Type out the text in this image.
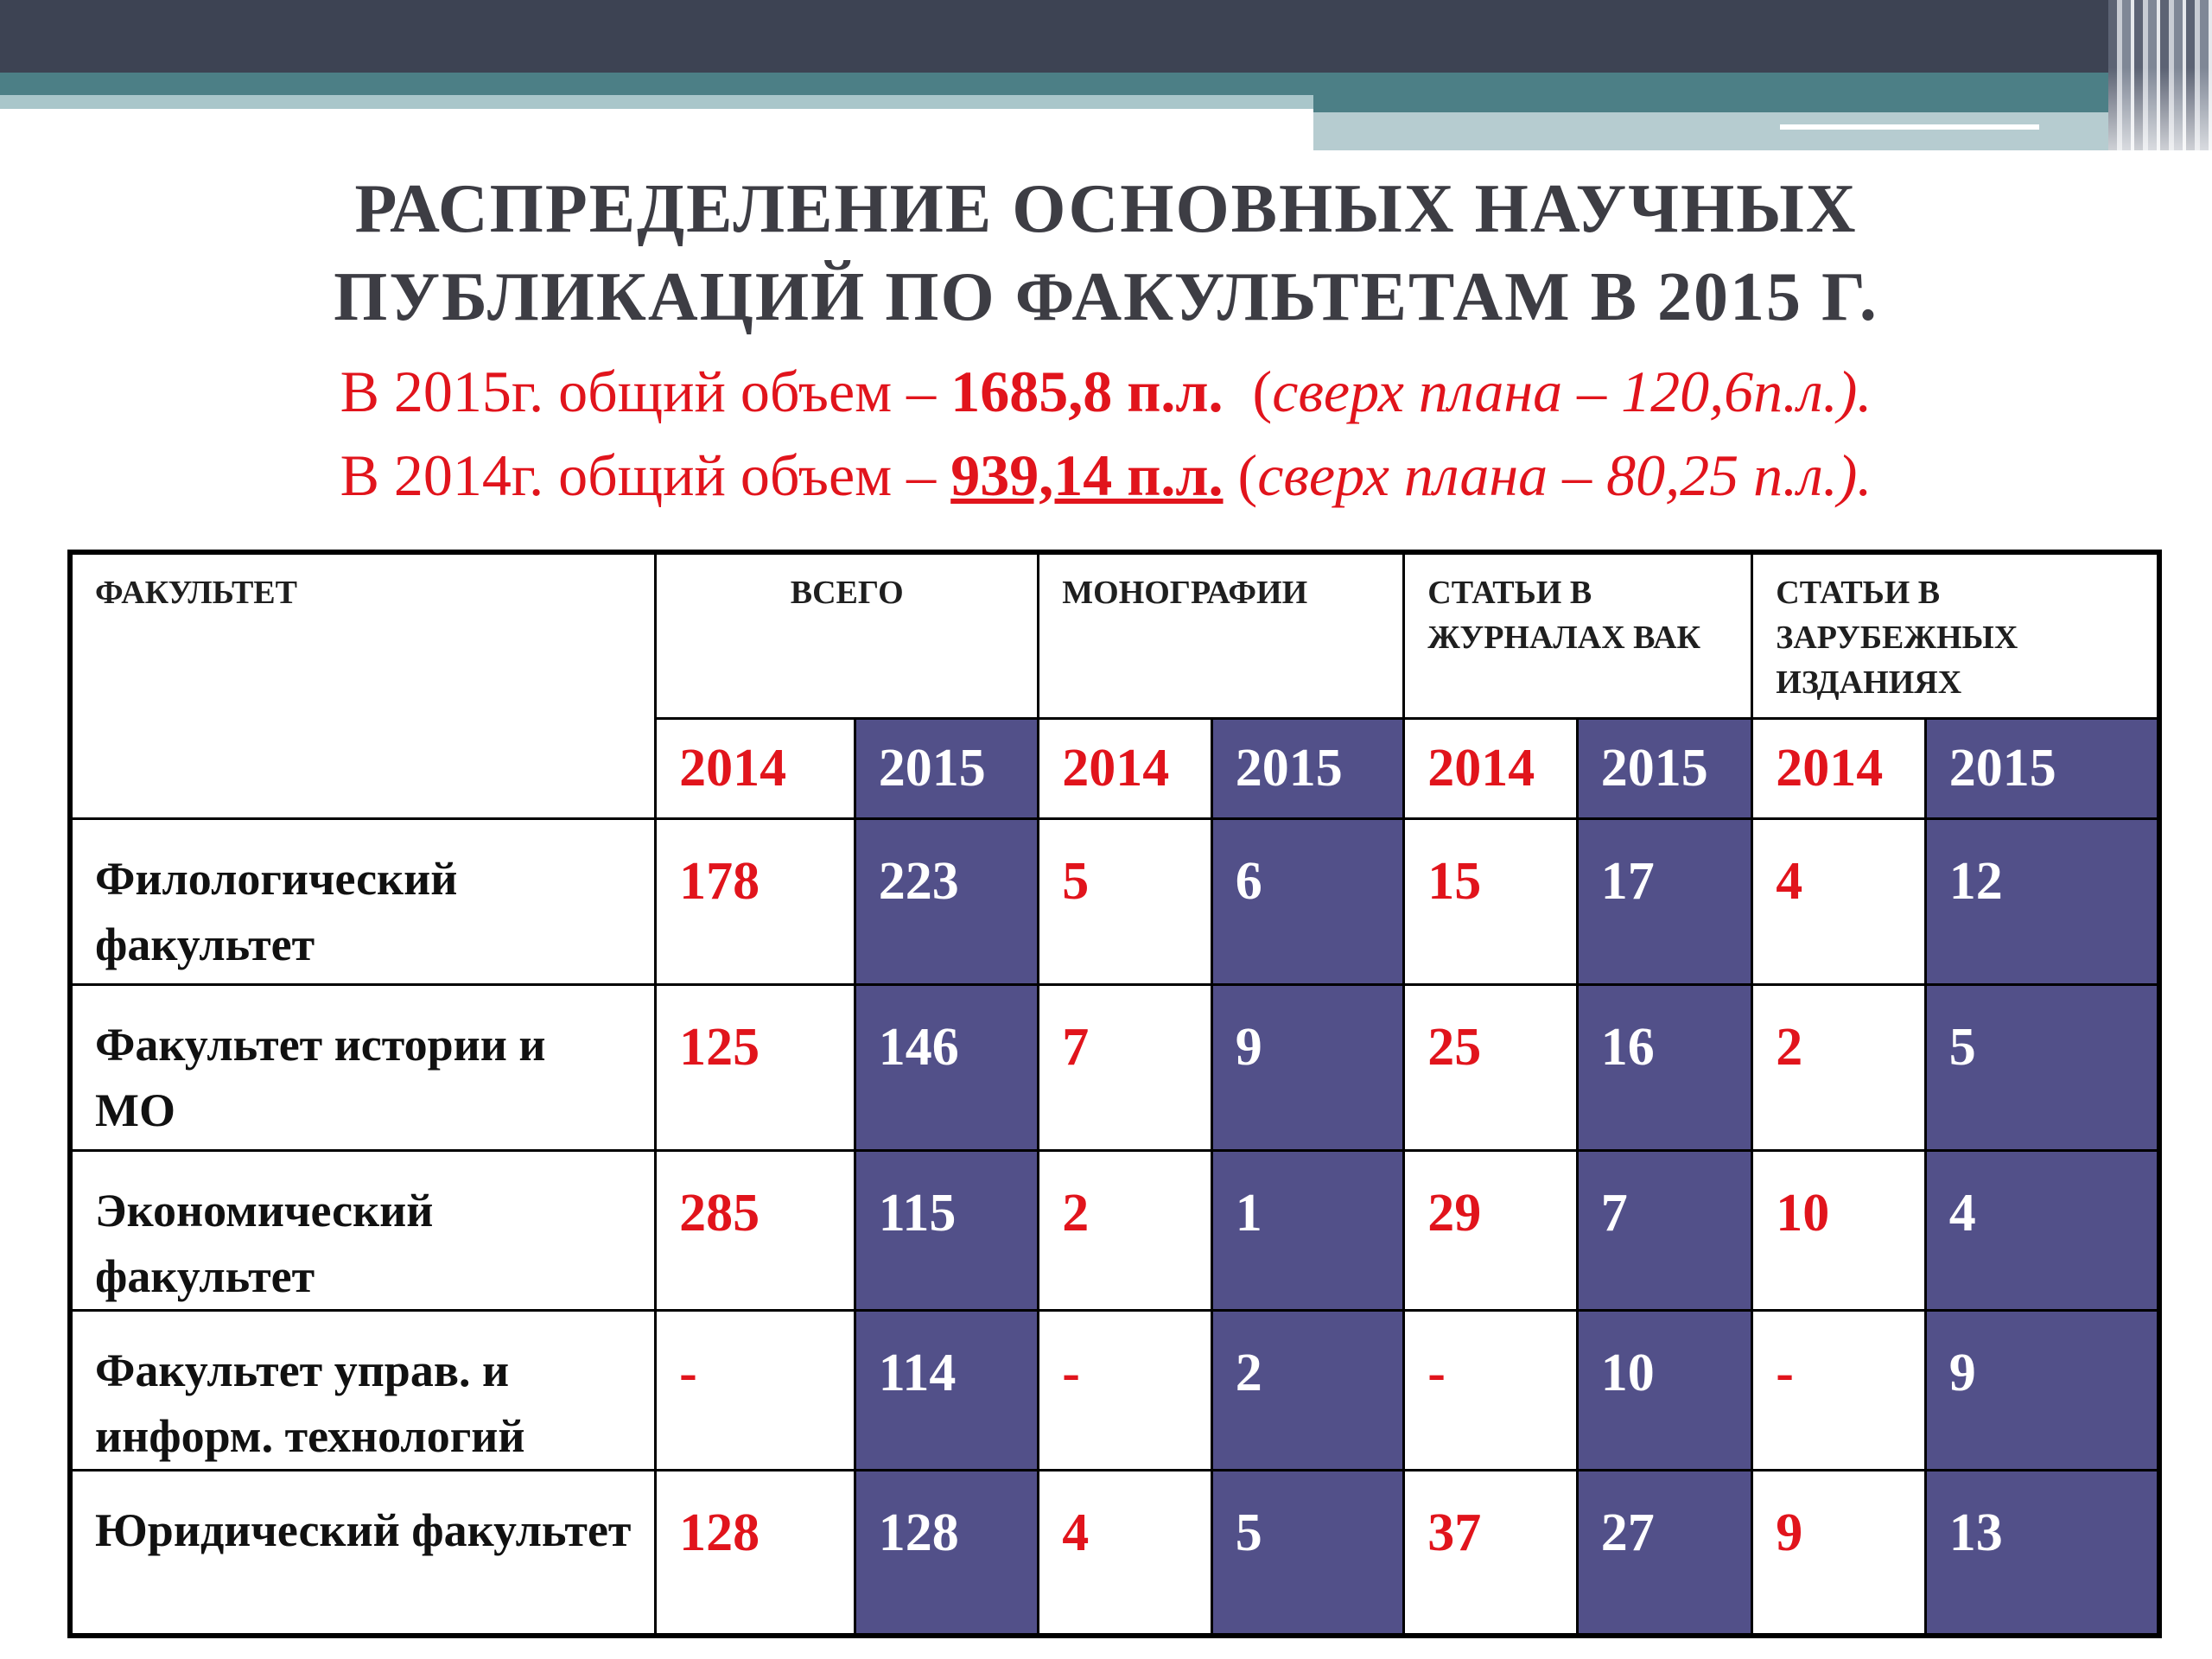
РАСПРЕДЕЛЕНИЕ ОСНОВНЫХ НАУЧНЫХ
ПУБЛИКАЦИЙ ПО ФАКУЛЬТЕТАМ В 2015 Г.
В 2015г. общий объем – 1685,8 п.л. (сверх плана – 120,6п.л.).
В 2014г. общий объем – 939,14 п.л. (сверх плана – 80,25 п.л.).
ФАКУЛЬТЕТ	ВСЕГО		МОНОГРАФИИ		СТАТЬИ В ЖУРНАЛАХ ВАК		СТАТЬИ В ЗАРУБЕЖНЫХ ИЗДАНИЯХ	
	2014	2015	2014	2015	2014	2015	2014	2015
Филологический факультет	178	223	5	6	15	17	4	12
Факультет истории и МО	125	146	7	9	25	16	2	5
Экономический факультет	285	115	2	1	29	7	10	4
Факультет управ. и информ. технологий	-	114	-	2	-	10	-	9
Юридический факультет	128	128	4	5	37	27	9	13
